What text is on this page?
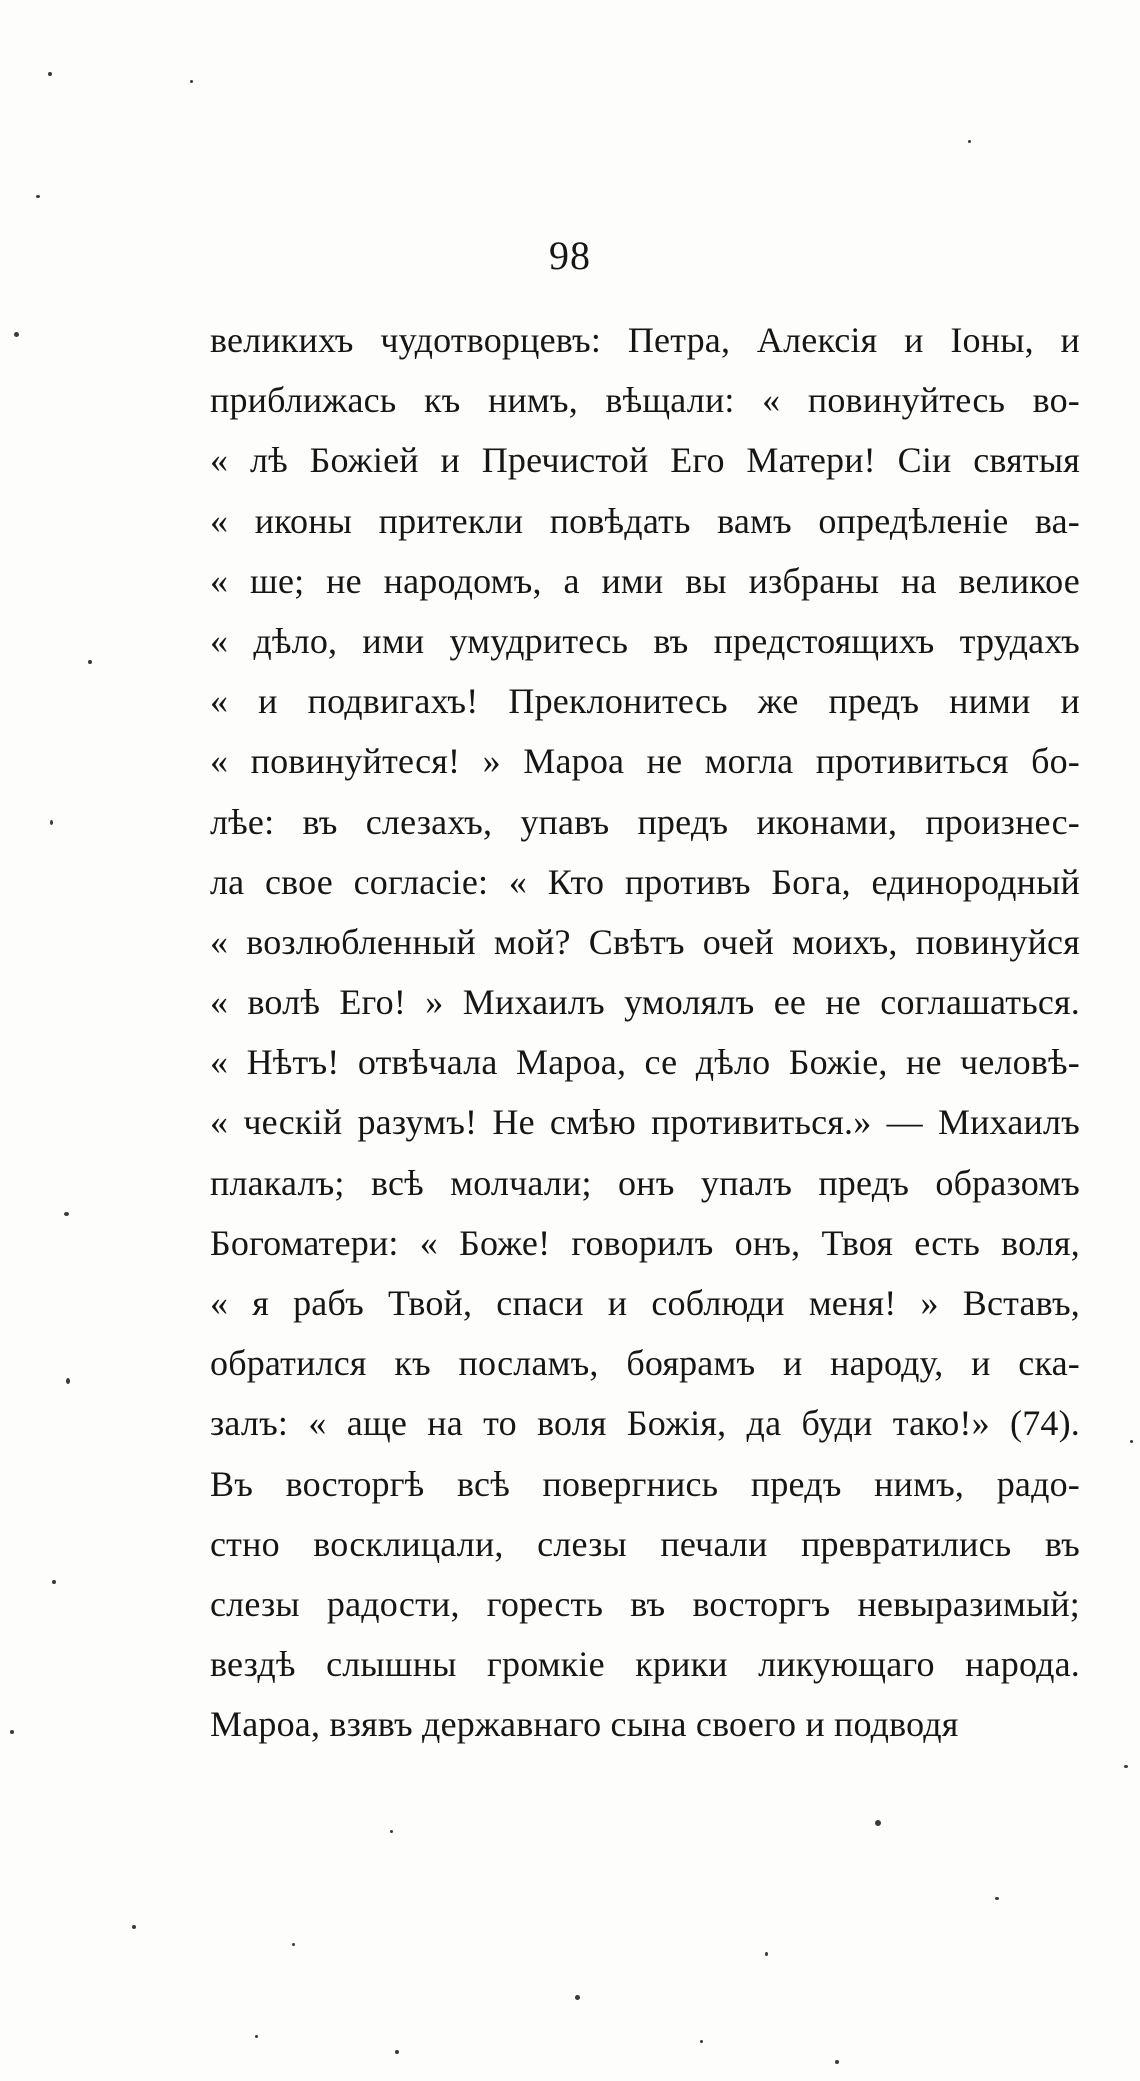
98
великихъ чудотворцевъ: Петра, Алексія и Іоны, и
приближась къ нимъ, вѣщали: « повинуйтесь во-
« лѣ Божіей и Пречистой Его Матери! Сіи святыя
« иконы притекли повѣдать вамъ опредѣленіе ва-
« ше; не народомъ, а ими вы избраны на великое
« дѣло, ими умудритесь въ предстоящихъ трудахъ
« и подвигахъ! Преклонитесь же предъ ними и
« повинуйтеся! » Мароа не могла противиться бо-
лѣе: въ слезахъ, упавъ предъ иконами, произнес-
ла свое согласіе: « Кто противъ Бога, единородный
« возлюбленный мой? Свѣтъ очей моихъ, повинуйся
« волѣ Его! » Михаилъ умолялъ ее не соглашаться.
« Нѣтъ! отвѣчала Мароа, се дѣло Божіе, не человѣ-
« ческій разумъ! Не смѣю противиться.» — Михаилъ
плакалъ; всѣ молчали; онъ упалъ предъ образомъ
Богоматери: « Боже! говорилъ онъ, Твоя есть воля,
« я рабъ Твой, спаси и соблюди меня! » Вставъ,
обратился къ посламъ, боярамъ и народу, и ска-
залъ: « аще на то воля Божія, да буди тако!» (74).
Въ восторгѣ всѣ повергнись предъ нимъ, радо-
стно восклицали, слезы печали превратились въ
слезы радости, горесть въ восторгъ невыразимый;
вездѣ слышны громкіе крики ликующаго народа.
Мароа, взявъ державнаго сына своего и подводя
